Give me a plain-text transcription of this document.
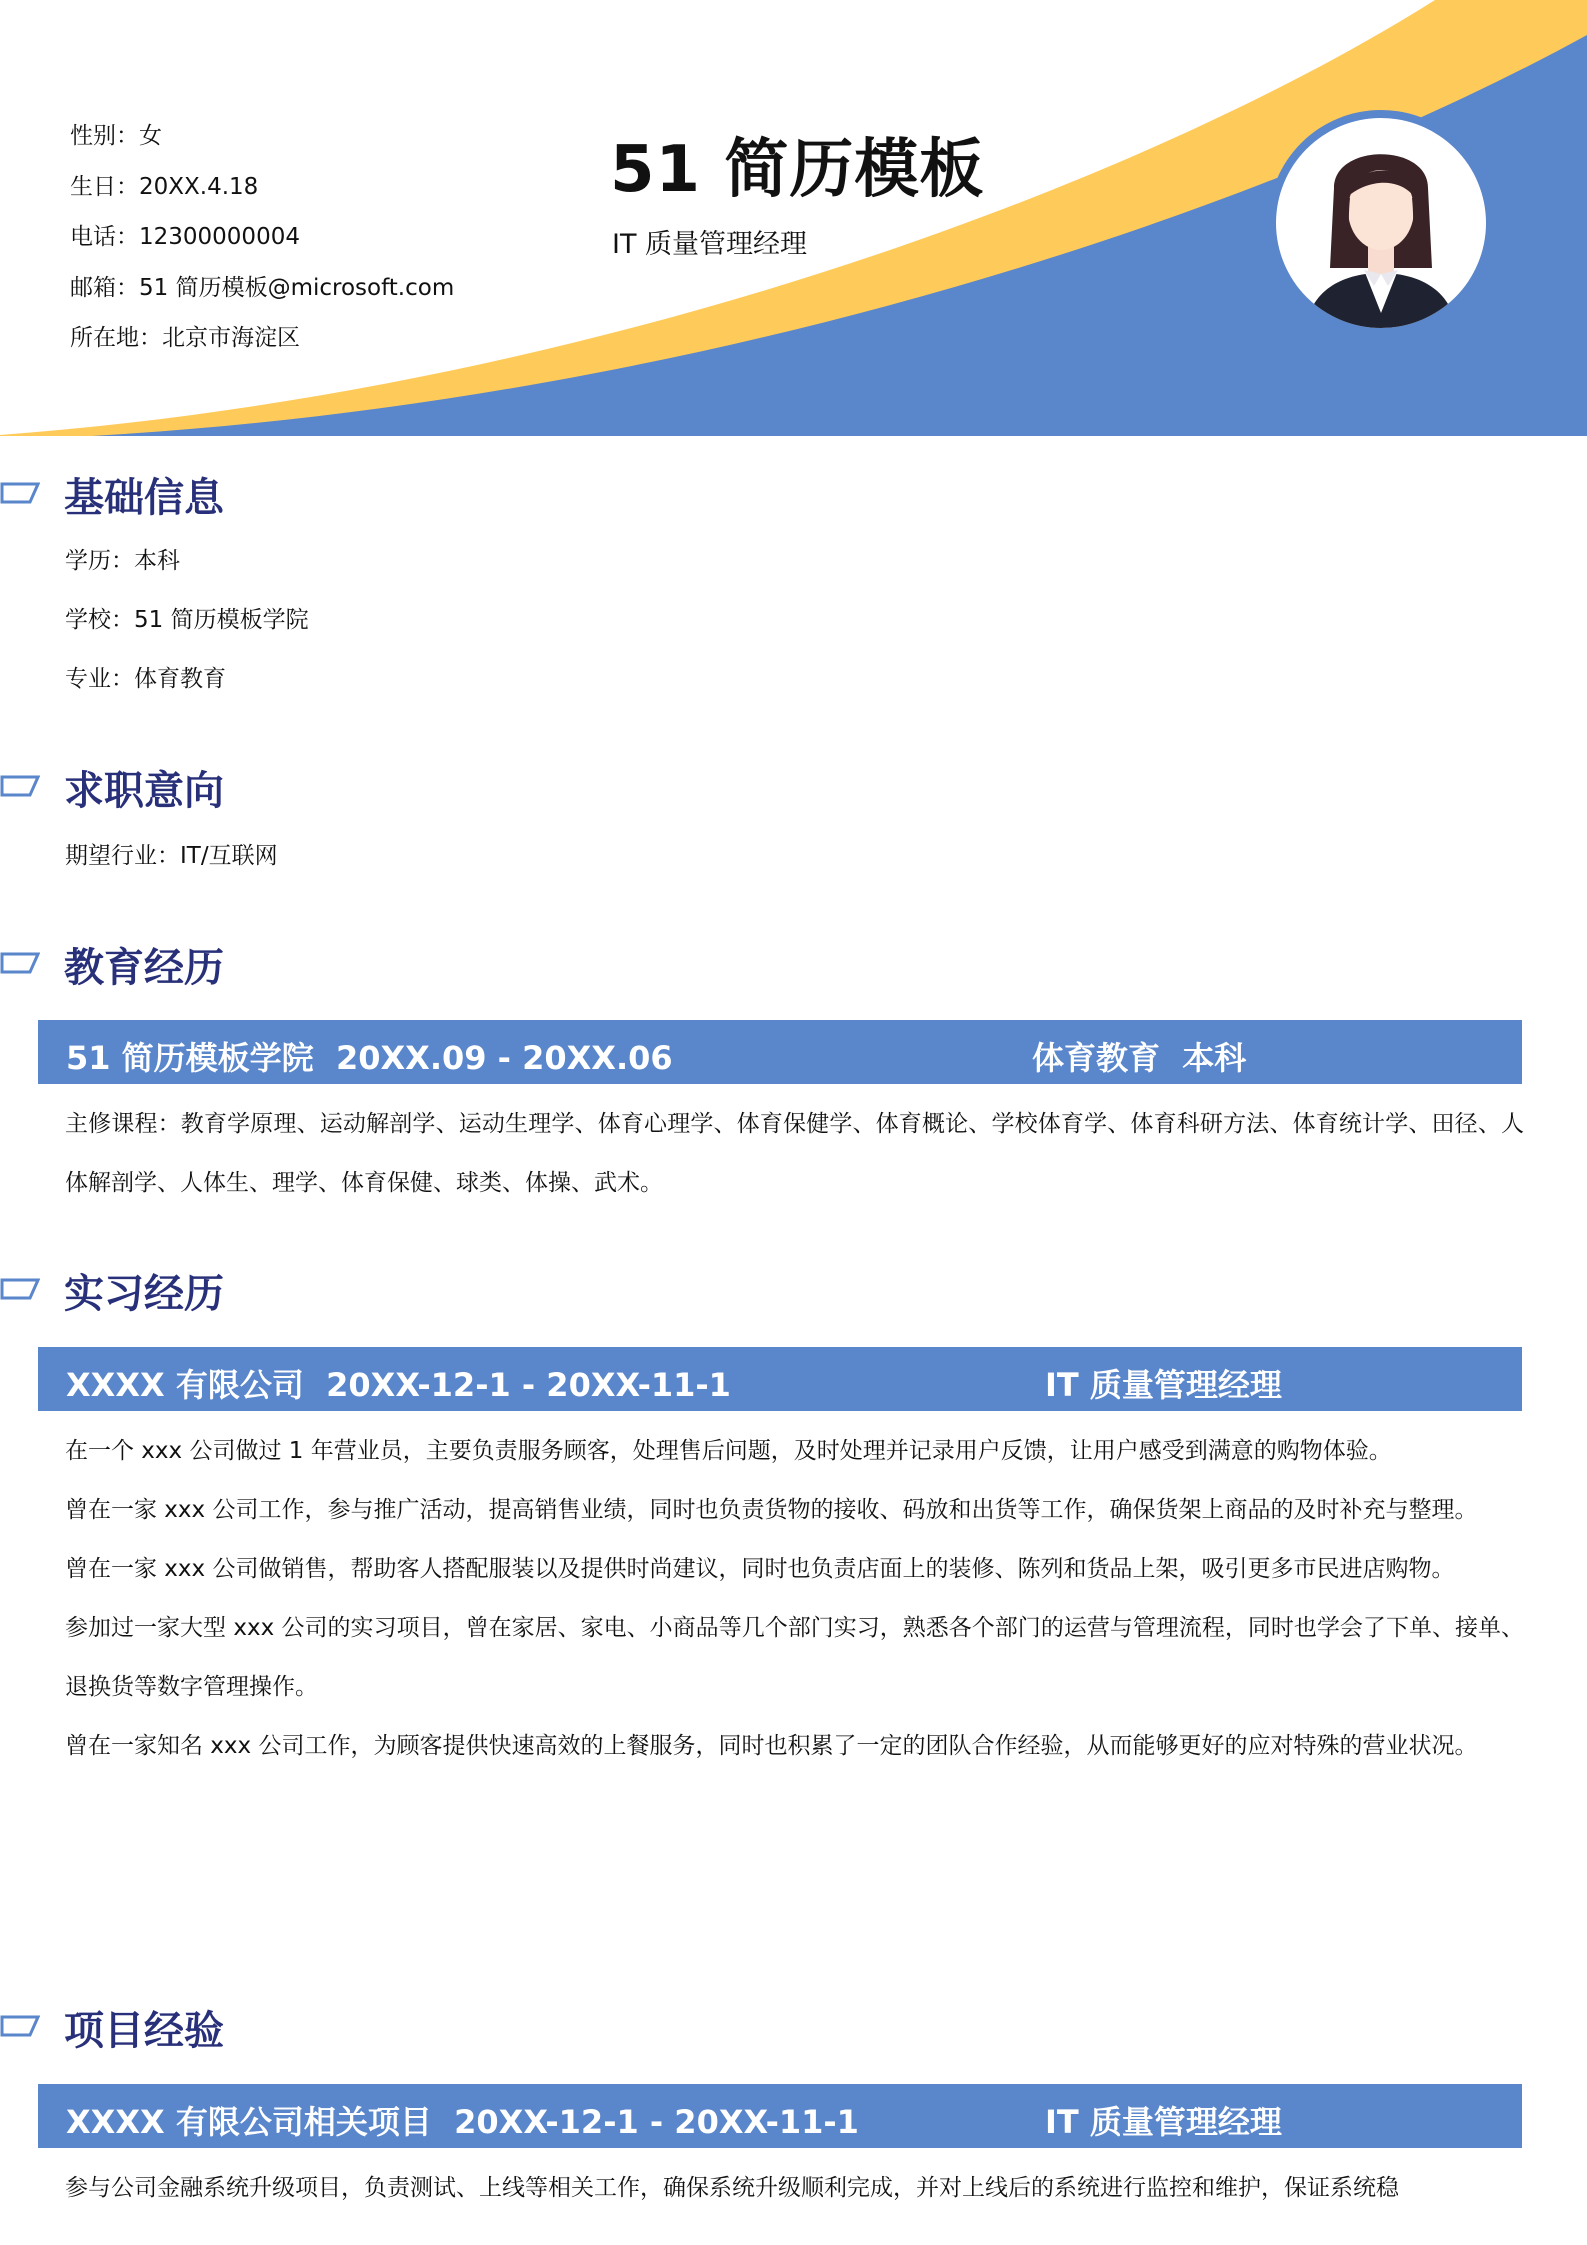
性别：女
生日：20XX.4.18
电话：12300000004
邮箱：51 简历模板@microsoft.com
所在地：北京市海淀区
51 简历模板
IT 质量管理经理
基础信息
学历：本科
学校：51 简历模板学院
专业：体育教育
求职意向
期望行业：IT/互联网
教育经历
51 简历模板学院  20XX.09 - 20XX.06	体育教育  本科
主修课程：教育学原理、运动解剖学、运动生理学、体育心理学、体育保健学、体育概论、学校体育学、体育科研方法、体育统计学、田径、人体解剖学、人体生、理学、体育保健、球类、体操、武术。
实习经历
XXXX 有限公司  20XX-12-1 - 20XX-11-1	IT 质量管理经理
在一个 xxx 公司做过 1 年营业员，主要负责服务顾客，处理售后问题，及时处理并记录用户反馈，让用户感受到满意的购物体验。
曾在一家 xxx 公司工作，参与推广活动，提高销售业绩，同时也负责货物的接收、码放和出货等工作，确保货架上商品的及时补充与整理。
曾在一家 xxx 公司做销售，帮助客人搭配服装以及提供时尚建议，同时也负责店面上的装修、陈列和货品上架，吸引更多市民进店购物。
参加过一家大型 xxx 公司的实习项目，曾在家居、家电、小商品等几个部门实习，熟悉各个部门的运营与管理流程，同时也学会了下单、接单、退换货等数字管理操作。
曾在一家知名 xxx 公司工作，为顾客提供快速高效的上餐服务，同时也积累了一定的团队合作经验，从而能够更好的应对特殊的营业状况。
项目经验
XXXX 有限公司相关项目  20XX-12-1 - 20XX-11-1	IT 质量管理经理
参与公司金融系统升级项目，负责测试、上线等相关工作，确保系统升级顺利完成，并对上线后的系统进行监控和维护，保证系统稳
